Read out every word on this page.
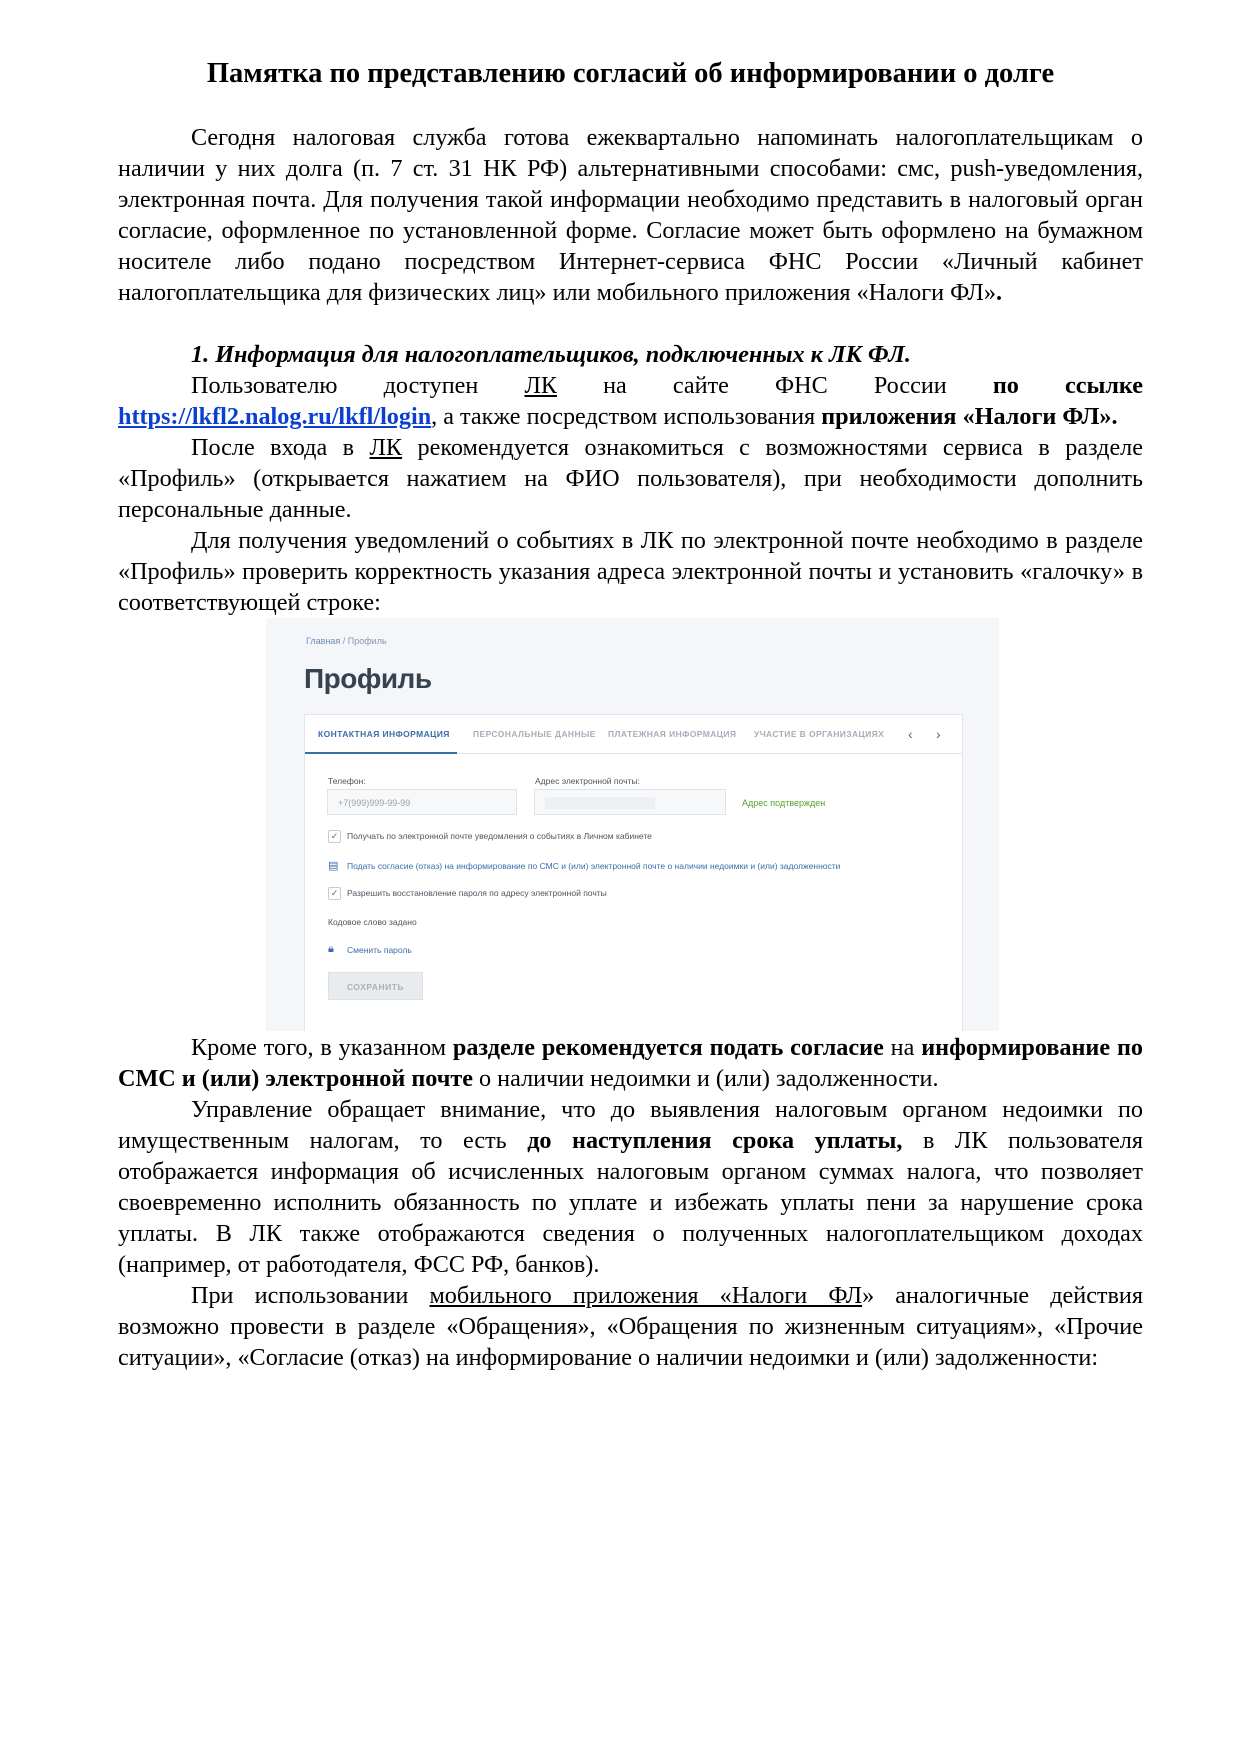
Памятка по представлению согласий об информировании о долге

Сегодня налоговая служба готова ежеквартально напоминать налогоплательщикам о наличии у них долга (п. 7 ст. 31 НК РФ) альтернативными способами: смс, push-уведомления, электронная почта. Для получения такой информации необходимо представить в налоговый орган согласие, оформленное по установленной форме. Согласие может быть оформлено на бумажном носителе либо подано посредством Интернет-сервиса ФНС России «Личный кабинет налогоплательщика для физических лиц» или мобильного приложения «Налоги ФЛ».

1. Информация для налогоплательщиков, подключенных к ЛК ФЛ.

Пользователю доступен ЛК на сайте ФНС России по ссылке https://lkfl2.nalog.ru/lkfl/login, а также посредством использования приложения «Налоги ФЛ».

После входа в ЛК рекомендуется ознакомиться с возможностями сервиса в разделе «Профиль» (открывается нажатием на ФИО пользователя), при необходимости дополнить персональные данные.

Для получения уведомлений о событиях в ЛК по электронной почте необходимо в разделе «Профиль» проверить корректность указания адреса электронной почты и установить «галочку» в соответствующей строке:

Главная / Профиль
Профиль
КОНТАКТНАЯ ИНФОРМАЦИЯ	ПЕРСОНАЛЬНЫЕ ДАННЫЕ ПЛАТЕЖНАЯ ИНФОРМАЦИЯ УЧАСТИЕ В ОРГАНИЗАЦИЯХ ‹ ›
Телефон:
+7(999)999-99-99
Адрес электронной почты:
Адрес подтвержден
✓	Получать по электронной почте уведомления о событиях в Личном кабинете
▤ Подать согласие (отказ) на информирование по СМС и (или) электронной почте о наличии недоимки и (или) задолженности
✓	Разрешить восстановление пароля по адресу электронной почты
Кодовое слово задано
🔒︎ Сменить пароль
СОХРАНИТЬ

Кроме того, в указанном разделе рекомендуется подать согласие на информирование по СМС и (или) электронной почте о наличии недоимки и (или) задолженности.

Управление обращает внимание, что до выявления налоговым органом недоимки по имущественным налогам, то есть до наступления срока уплаты, в ЛК пользователя отображается информация об исчисленных налоговым органом суммах налога, что позволяет своевременно исполнить обязанность по уплате и избежать уплаты пени за нарушение срока уплаты. В ЛК также отображаются сведения о полученных налогоплательщиком доходах (например, от работодателя, ФСС РФ, банков).

При использовании мобильного приложения «Налоги ФЛ» аналогичные действия возможно провести в разделе «Обращения», «Обращения по жизненным ситуациям», «Прочие ситуации», «Согласие (отказ) на информирование о наличии недоимки и (или) задолженности:
